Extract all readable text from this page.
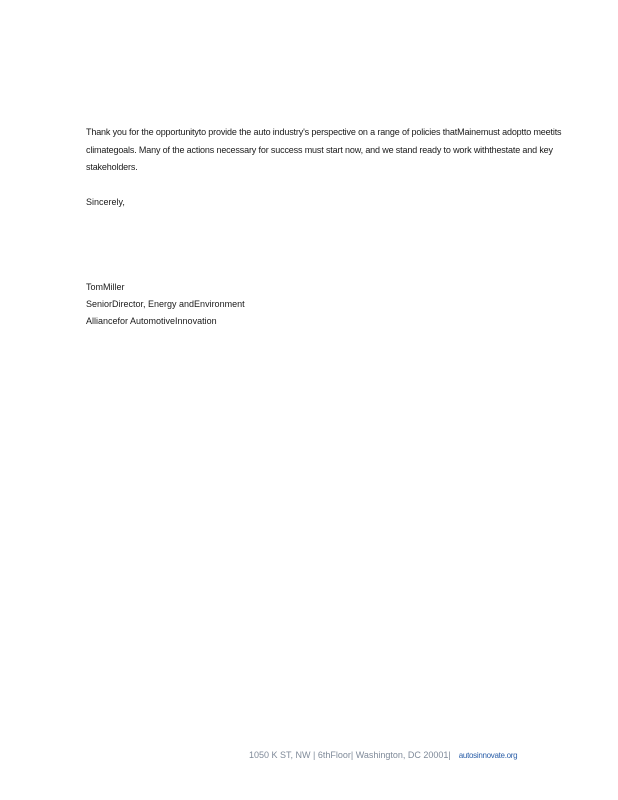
Thank you for the opportunityto provide the auto industry's perspective on a range of policies thatMainemust adoptto meetits climategoals. Many of the actions necessary for success must start now, and we stand ready to work withthestate and key stakeholders.

Sincerely,

TomMiller
SeniorDirector, Energy andEnvironment
Alliancefor AutomotiveInnovation
1050 K ST, NW | 6thFloor| Washington, DC 20001| autosinnovate.org
